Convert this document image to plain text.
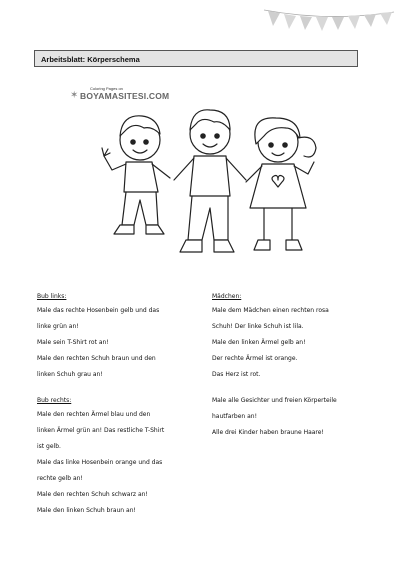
Arbeitsblatt: Körperschema
✶
Coloring Pages on
BOYAMASITESI.COM
Bub links:
Male das rechte Hosenbein gelb und das
linke grün an!
Male sein T-Shirt rot an!
Male den rechten Schuh braun und den
linken Schuh grau an!
Bub rechts:
Male den rechten Ärmel blau und den
linken Ärmel grün an! Das restliche T-Shirt
ist gelb.
Male das linke Hosenbein orange und das
rechte gelb an!
Male den rechten Schuh schwarz an!
Male den linken Schuh braun an!
Mädchen:
Male dem Mädchen einen rechten rosa
Schuh! Der linke Schuh ist lila.
Male den linken Ärmel gelb an!
Der rechte Ärmel ist orange.
Das Herz ist rot.
Male alle Gesichter und freien Körperteile
hautfarben an!
Alle drei Kinder haben braune Haare!
